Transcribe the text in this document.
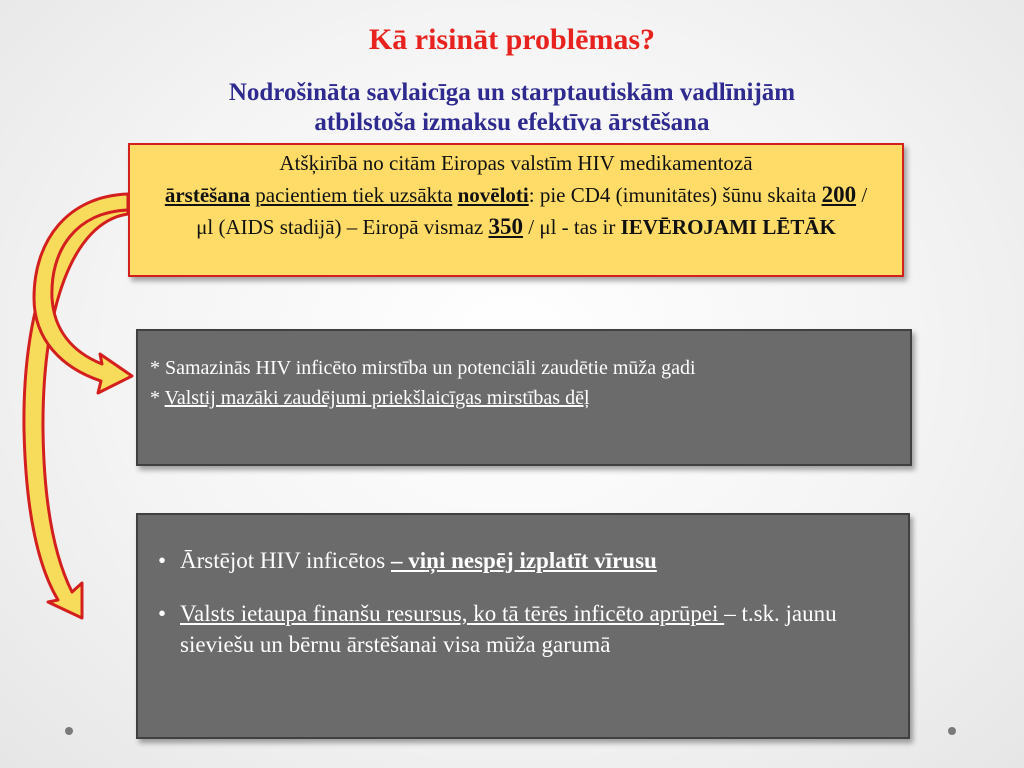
Kā risināt problēmas?
Nodrošināta savlaicīga un starptautiskām vadlīnijām
atbilstoša izmaksu efektīva ārstēšana
Atšķirībā no citām Eiropas valstīm HIV medikamentozā
ārstēšana pacientiem tiek uzsākta novēloti: pie CD4 (imunitātes) šūnu skaita 200 / μl (AIDS stadijā) – Eiropā vismaz 350 / μl - tas ir IEVĒROJAMI LĒTĀK
* Samazinās HIV inficēto mirstība un potenciāli zaudētie mūža gadi
* Valstij mazāki zaudējumi priekšlaicīgas mirstības dēļ
• Ārstējot HIV inficētos – viņi nespēj izplatīt vīrusu
• Valsts ietaupa finanšu resursus, ko tā tērēs inficēto aprūpei – t.sk. jaunu sieviešu un bērnu ārstēšanai visa mūža garumā
